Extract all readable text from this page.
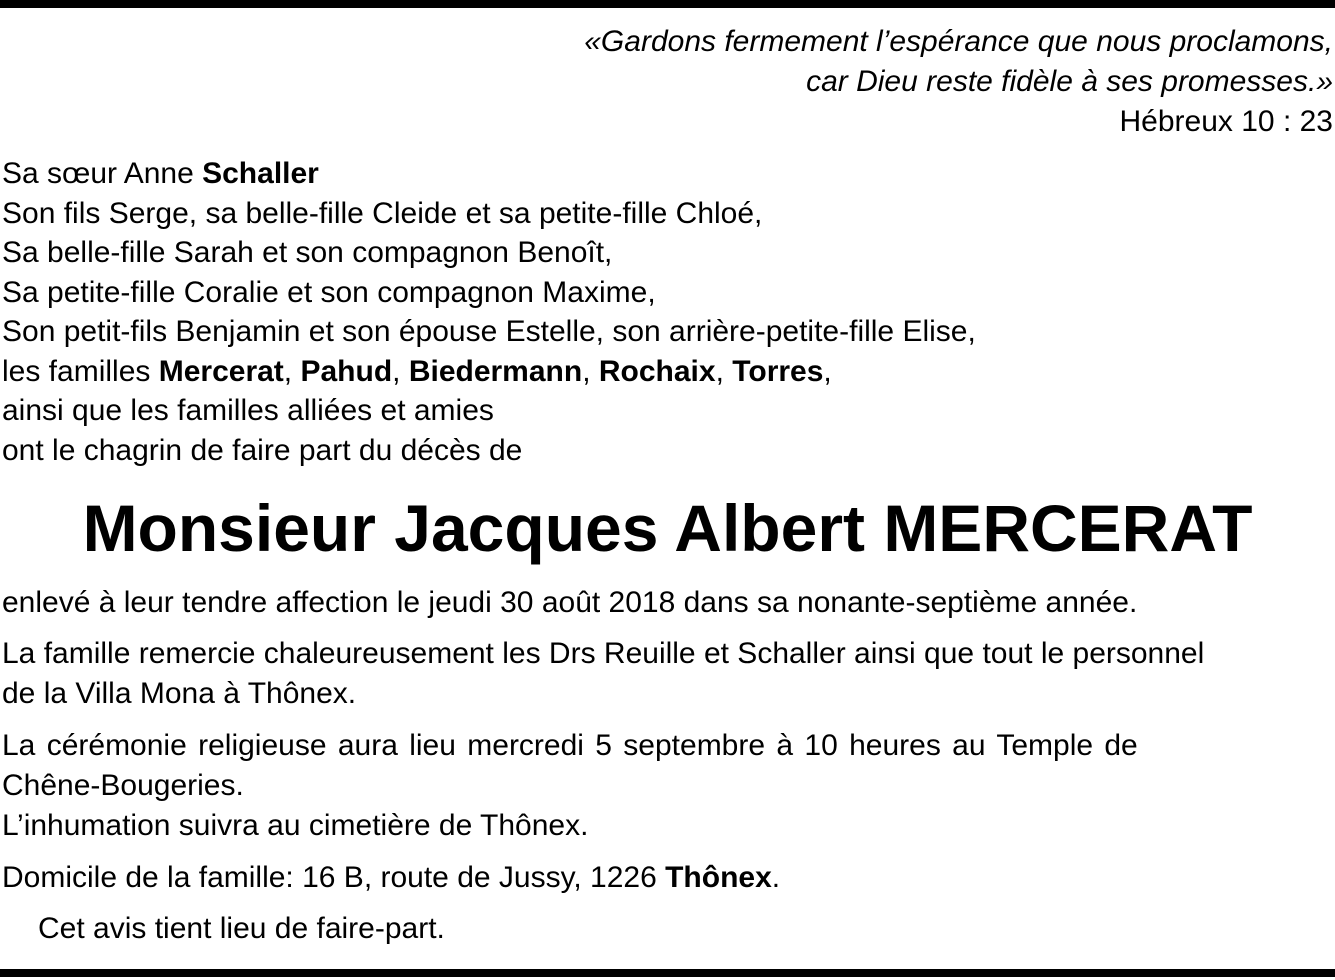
«Gardons fermement l’espérance que nous proclamons,
car Dieu reste fidèle à ses promesses.»
Hébreux 10 : 23
Sa sœur Anne Schaller
Son fils Serge, sa belle-fille Cleide et sa petite-fille Chloé,
Sa belle-fille Sarah et son compagnon Benoît,
Sa petite-fille Coralie et son compagnon Maxime,
Son petit-fils Benjamin et son épouse Estelle, son arrière-petite-fille Elise,
les familles Mercerat, Pahud, Biedermann, Rochaix, Torres,
ainsi que les familles alliées et amies
ont le chagrin de faire part du décès de
Monsieur Jacques Albert MERCERAT
enlevé à leur tendre affection le jeudi 30 août 2018 dans sa nonante-septième année.
La famille remercie chaleureusement les Drs Reuille et Schaller ainsi que tout le personnel
de la Villa Mona à Thônex.
La cérémonie religieuse aura lieu mercredi 5 septembre à 10 heures au Temple de
Chêne-Bougeries.
L’inhumation suivra au cimetière de Thônex.
Domicile de la famille: 16 B, route de Jussy, 1226 Thônex.
Cet avis tient lieu de faire-part.
